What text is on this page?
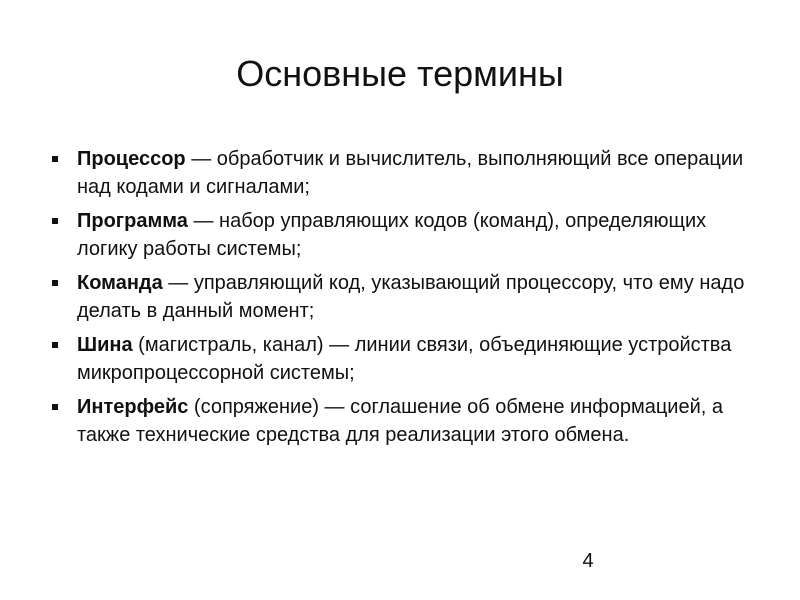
Основные термины
Процессор — обработчик и вычислитель, выполняющий все операции над кодами и сигналами;
Программа — набор управляющих кодов (команд), определяющих логику работы системы;
Команда — управляющий код, указывающий процессору, что ему надо делать в данный момент;
Шина (магистраль, канал) — линии связи, объединяющие устройства микропроцессорной системы;
Интерфейс (сопряжение) — соглашение об обмене информацией, а также технические средства для реализации этого обмена.
4
